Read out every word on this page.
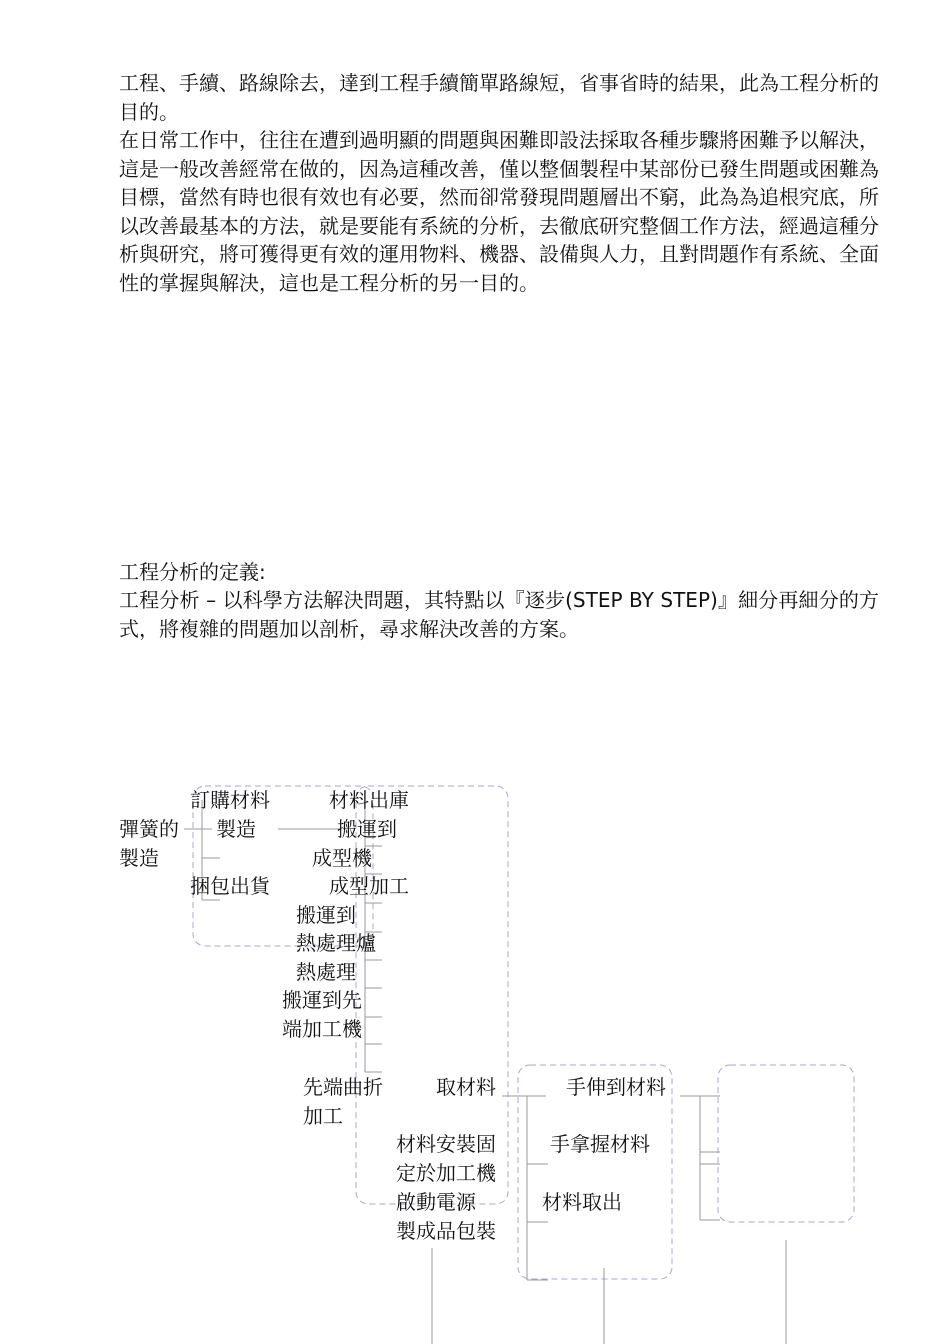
工程、手續、路線除去，達到工程手續簡單路線短，省事省時的結果，此為工程分析的目的。

在日常工作中，往往在遭到過明顯的問題與困難即設法採取各種步驟將困難予以解決，這是一般改善經常在做的，因為這種改善，僅以整個製程中某部份已發生問題或困難為目標，當然有時也很有效也有必要，然而卻常發現問題層出不窮，此為為追根究底，所以改善最基本的方法，就是要能有系統的分析，去徹底研究整個工作方法，經過這種分析與研究，將可獲得更有效的運用物料、機器、設備與人力，且對問題作有系統、全面性的掌握與解決，這也是工程分析的另一目的。

工程分析的定義:

工程分析 – 以科學方法解決問題，其特點以『逐步(STEP BY STEP)』細分再細分的方式，將複雜的問題加以剖析，尋求解決改善的方案。

彈簧的
製造
訂購材料
製造
捆包出貨
材料出庫
搬運到
成型機
成型加工
搬運到
熱處理爐
熱處理
搬運到先
端加工機
先端曲折
加工
取材料
材料安裝固
定於加工機
啟動電源
製成品包裝
手伸到材料
手拿握材料
材料取出
